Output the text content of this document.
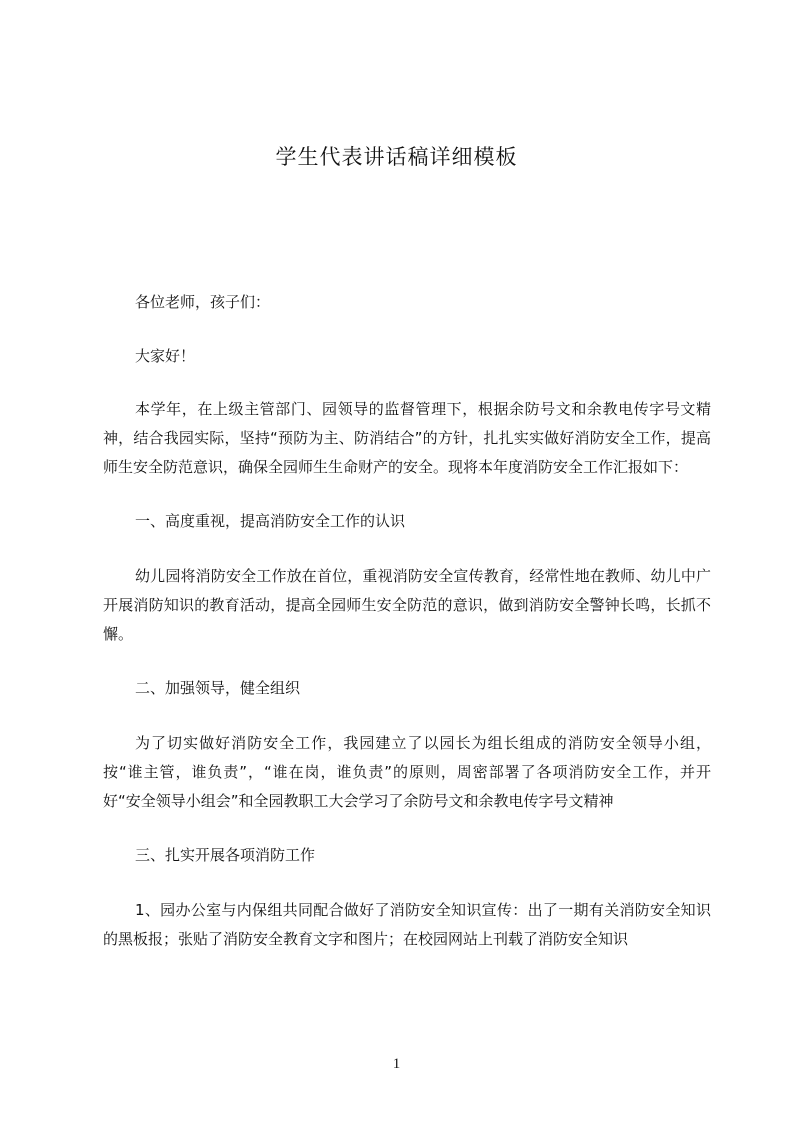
学生代表讲话稿详细模板

各位老师，孩子们：

大家好！

本学年，在上级主管部门、园领导的监督管理下，根据余防号文和余教电传字号文精神，结合我园实际，坚持“预防为主、防消结合”的方针，扎扎实实做好消防安全工作，提高师生安全防范意识，确保全园师生生命财产的安全。现将本年度消防安全工作汇报如下：

一、高度重视，提高消防安全工作的认识

幼儿园将消防安全工作放在首位，重视消防安全宣传教育，经常性地在教师、幼儿中广开展消防知识的教育活动，提高全园师生安全防范的意识，做到消防安全警钟长鸣，长抓不懈。

二、加强领导，健全组织

为了切实做好消防安全工作，我园建立了以园长为组长组成的消防安全领导小组，按“谁主管，谁负责”，“谁在岗，谁负责”的原则，周密部署了各项消防安全工作，并开好“安全领导小组会”和全园教职工大会学习了余防号文和余教电传字号文精神

三、扎实开展各项消防工作

1、园办公室与内保组共同配合做好了消防安全知识宣传：出了一期有关消防安全知识的黑板报；张贴了消防安全教育文字和图片；在校园网站上刊载了消防安全知识

1
